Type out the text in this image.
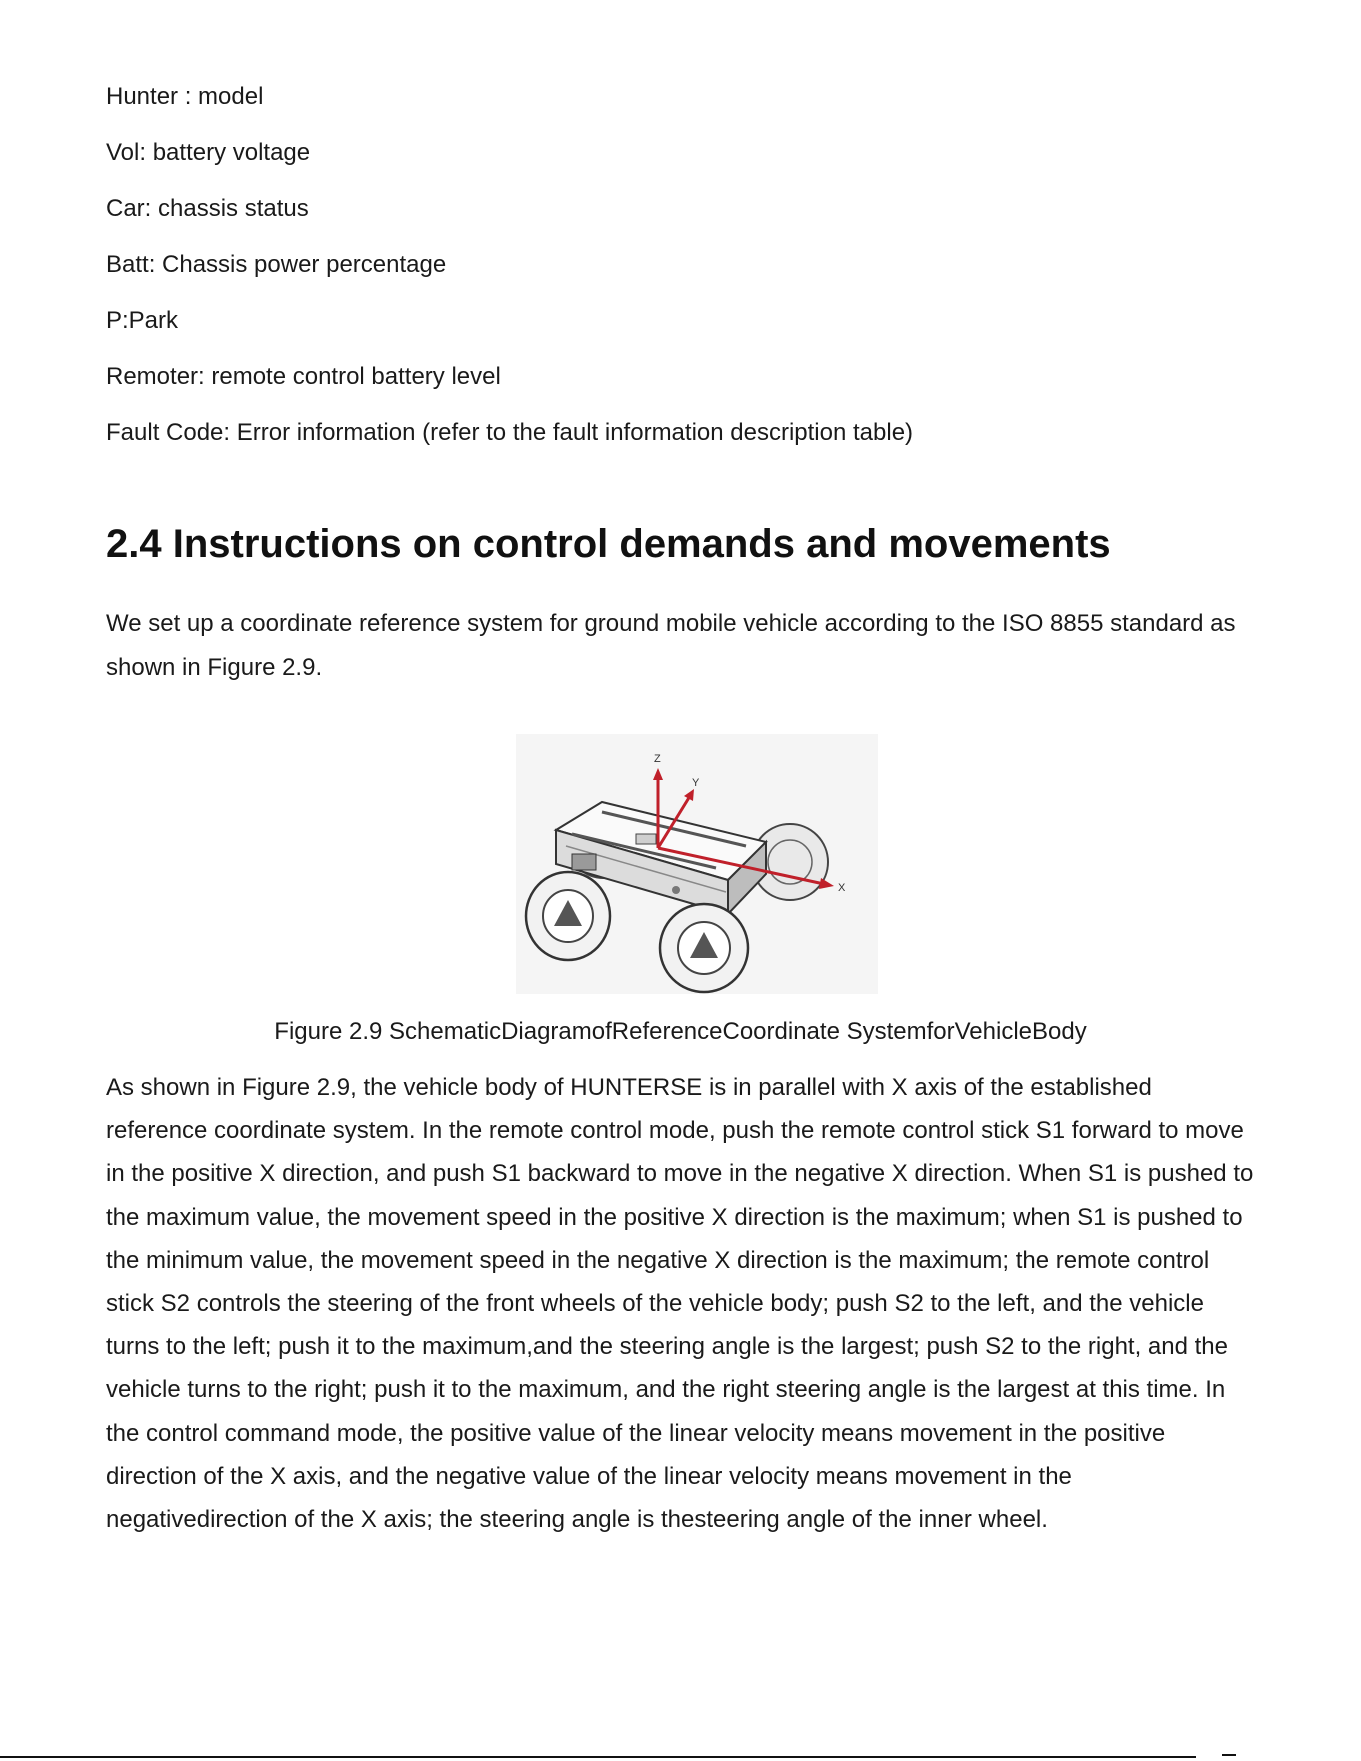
Hunter : model

Vol: battery voltage

Car: chassis status

Batt: Chassis power percentage

P:Park

Remoter: remote control battery level

Fault Code: Error information (refer to the fault information description table)

2.4 Instructions on control demands and movements

We set up a coordinate reference system for ground mobile vehicle according to the ISO 8855 standard as shown in Figure 2.9.

Z
Y
X

Figure 2.9 SchematicDiagramofReferenceCoordinate SystemforVehicleBody

As shown in Figure 2.9, the vehicle body of HUNTERSE is in parallel with X axis of the established reference coordinate system. In the remote control mode, push the remote control stick S1 forward to move in the positive X direction, and push S1 backward to move in the negative X direction. When S1 is pushed to the maximum value, the movement speed in the positive X direction is the maximum; when S1 is pushed to the minimum value, the movement speed in the negative X direction is the maximum; the remote control stick S2 controls the steering of the front wheels of the vehicle body; push S2 to the left, and the vehicle turns to the left; push it to the maximum,and the steering angle is the largest; push S2 to the right, and the vehicle turns to the right; push it to the maximum, and the right steering angle is the largest at this time. In the control command mode, the positive value of the linear velocity means movement in the positive direction of the X axis, and the negative value of the linear velocity means movement in the negativedirection of the X axis; the steering angle is thesteering angle of the inner wheel.
